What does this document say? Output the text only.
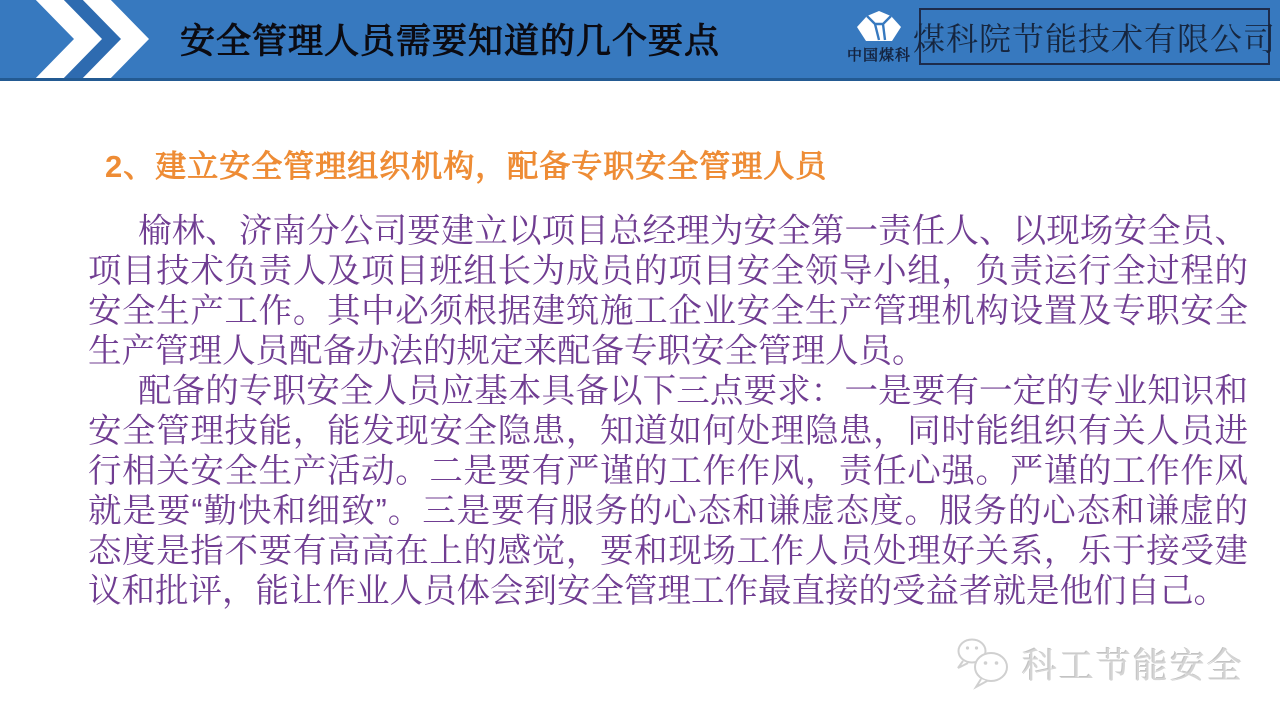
安全管理人员需要知道的几个要点	中国煤科 煤科院节能技术有限公司
2、建立安全管理组织机构，配备专职安全管理人员

榆林、济南分公司要建立以项目总经理为安全第一责任人、以现场安全员、项目技术负责人及项目班组长为成员的项目安全领导小组，负责运行全过程的安全生产工作。其中必须根据建筑施工企业安全生产管理机构设置及专职安全生产管理人员配备办法的规定来配备专职安全管理人员。

配备的专职安全人员应基本具备以下三点要求：一是要有一定的专业知识和安全管理技能，能发现安全隐患，知道如何处理隐患，同时能组织有关人员进行相关安全生产活动。二是要有严谨的工作作风，责任心强。严谨的工作作风就是要“勤快和细致”。三是要有服务的心态和谦虚态度。服务的心态和谦虚的态度是指不要有高高在上的感觉，要和现场工作人员处理好关系，乐于接受建议和批评，能让作业人员体会到安全管理工作最直接的受益者就是他们自己。

科工节能安全
